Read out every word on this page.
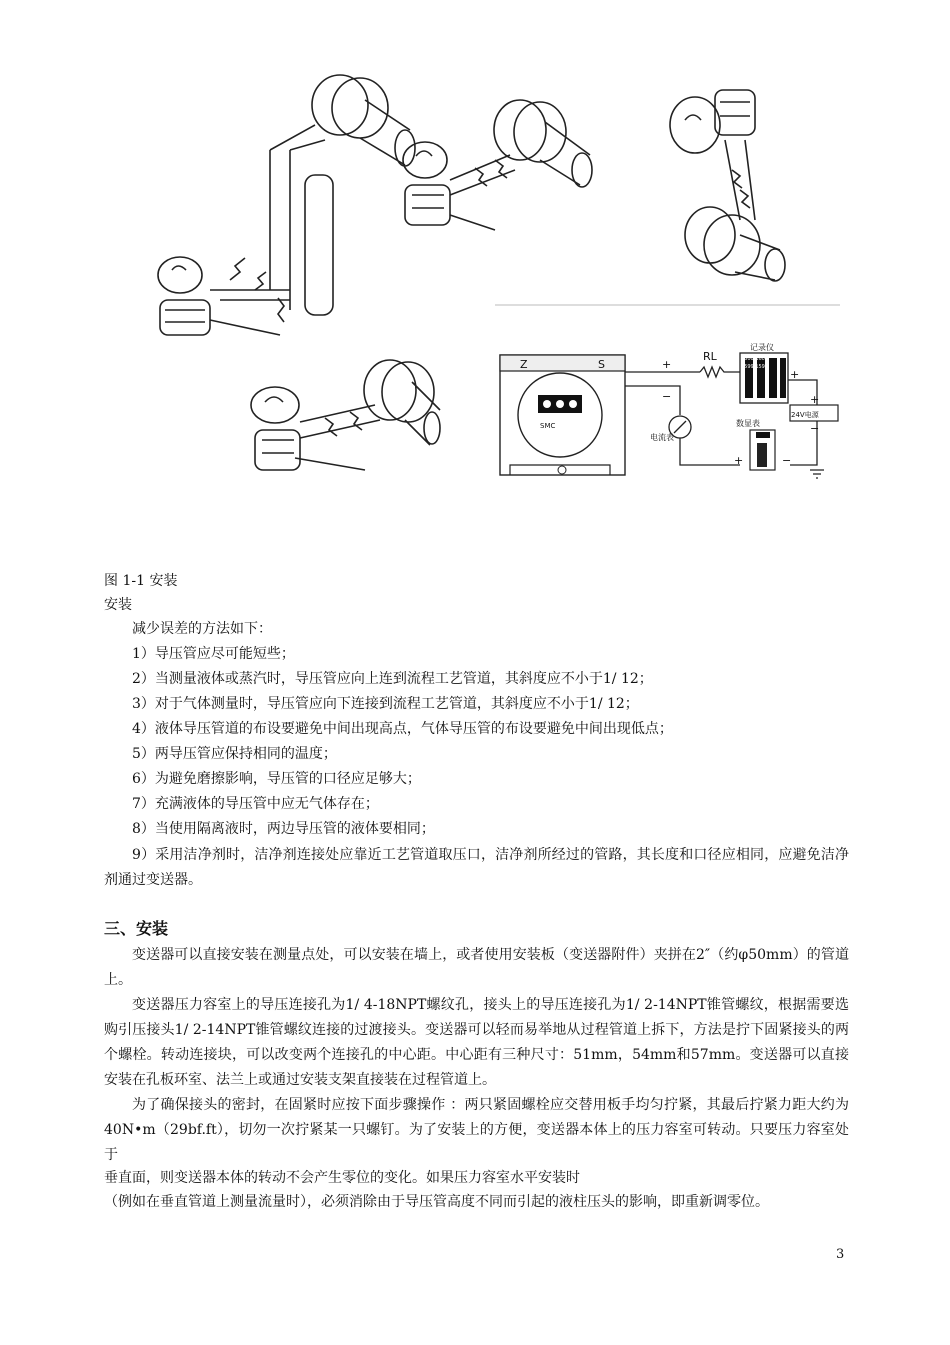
Z	S	+
−
RL
记录仪
+
+
24V电源
−
电流表
数显表
+	−
SMC
1600 1600
1599 1599
图 1-1 安装
安装
减少误差的方法如下：
1）导压管应尽可能短些；
2）当测量液体或蒸汽时，导压管应向上连到流程工艺管道，其斜度应不小于1/ 12；
3）对于气体测量时，导压管应向下连接到流程工艺管道，其斜度应不小于1/ 12；
4）液体导压管道的布设要避免中间出现高点，气体导压管的布设要避免中间出现低点；
5）两导压管应保持相同的温度；
6）为避免磨擦影响，导压管的口径应足够大；
7）充满液体的导压管中应无气体存在；
8）当使用隔离液时，两边导压管的液体要相同；
9）采用洁净剂时，洁净剂连接处应靠近工艺管道取压口，洁净剂所经过的管路，其长度和口径应相同，应避免洁净剂通过变送器。
三、安装
变送器可以直接安装在测量点处，可以安装在墙上，或者使用安装板（变送器附件）夹拼在2″（约φ50mm）的管道上。
变送器压力容室上的导压连接孔为1/ 4-18NPT螺纹孔，接头上的导压连接孔为1/ 2-14NPT锥管螺纹，根据需要选购引压接头1/ 2-14NPT锥管螺纹连接的过渡接头。变送器可以轻而易举地从过程管道上拆下，方法是拧下固紧接头的两个螺栓。转动连接块，可以改变两个连接孔的中心距。中心距有三种尺寸：51mm，54mm和57mm。变送器可以直接安装在孔板环室、法兰上或通过安装支架直接装在过程管道上。
为了确保接头的密封，在固紧时应按下面步骤操作 ：两只紧固螺栓应交替用板手均匀拧紧，其最后拧紧力距大约为 40N•m（29bf.ft），切勿一次拧紧某一只螺钉。为了安装上的方便，变送器本体上的压力容室可转动。只要压力容室处于
垂直面，则变送器本体的转动不会产生零位的变化。如果压力容室水平安装时
（例如在垂直管道上测量流量时），必须消除由于导压管高度不同而引起的液柱压头的影响，即重新调零位。
3
